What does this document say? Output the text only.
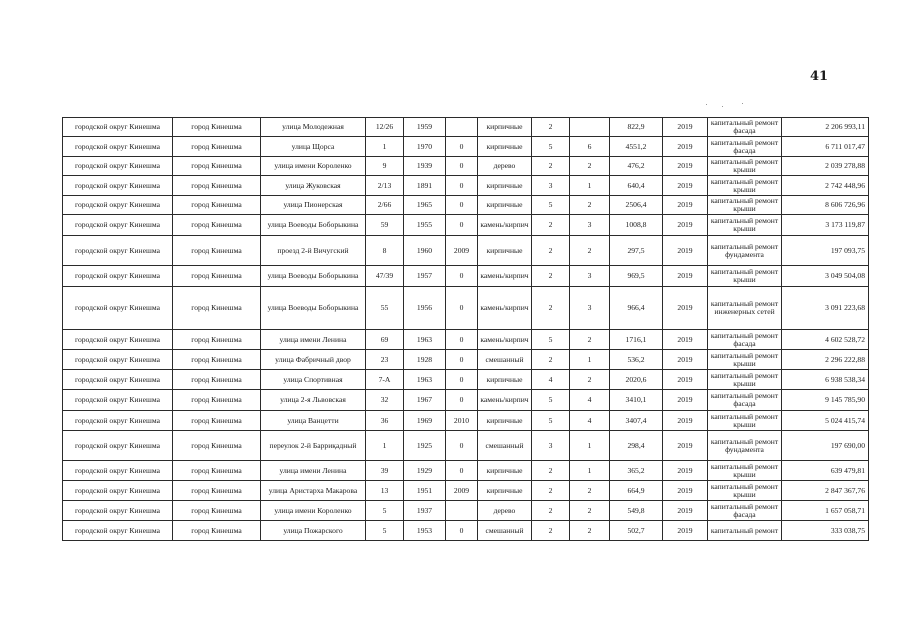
41
городской округ Кинешма	город Кинешма	улица Молодежная	12/26	1959		кирпичные	2		822,9	2019	капитальный ремонт фасада	2 206 993,11
городской округ Кинешма	город Кинешма	улица Щорса	1	1970	0	кирпичные	5	6	4551,2	2019	капитальный ремонт фасада	6 711 017,47
городской округ Кинешма	город Кинешма	улица имени Короленко	9	1939	0	дерево	2	2	476,2	2019	капитальный ремонт крыши	2 039 278,88
городской округ Кинешма	город Кинешма	улица Жуковская	2/13	1891	0	кирпичные	3	1	640,4	2019	капитальный ремонт крыши	2 742 448,96
городской округ Кинешма	город Кинешма	улица Пионерская	2/66	1965	0	кирпичные	5	2	2506,4	2019	капитальный ремонт крыши	8 606 726,96
городской округ Кинешма	город Кинешма	улица Воеводы Боборыкина	59	1955	0	камень/кирпич	2	3	1008,8	2019	капитальный ремонт крыши	3 173 119,87
городской округ Кинешма	город Кинешма	проезд 2-й Вичугский	8	1960	2009	кирпичные	2	2	297,5	2019	капитальный ремонт фундамента	197 093,75
городской округ Кинешма	город Кинешма	улица Воеводы Боборыкина	47/39	1957	0	камень/кирпич	2	3	969,5	2019	капитальный ремонт крыши	3 049 504,08
городской округ Кинешма	город Кинешма	улица Воеводы Боборыкина	55	1956	0	камень/кирпич	2	3	966,4	2019	капитальный ремонт инженерных сетей	3 091 223,68
городской округ Кинешма	город Кинешма	улица имени Ленина	69	1963	0	камень/кирпич	5	2	1716,1	2019	капитальный ремонт фасада	4 602 528,72
городской округ Кинешма	город Кинешма	улица Фабричный двор	23	1928	0	смешанный	2	1	536,2	2019	капитальный ремонт крыши	2 296 222,88
городской округ Кинешма	город Кинешма	улица Спортивная	7-А	1963	0	кирпичные	4	2	2020,6	2019	капитальный ремонт крыши	6 938 538,34
городской округ Кинешма	город Кинешма	улица 2-я Львовская	32	1967	0	камень/кирпич	5	4	3410,1	2019	капитальный ремонт фасада	9 145 785,90
городской округ Кинешма	город Кинешма	улица Ванцетти	36	1969	2010	кирпичные	5	4	3407,4	2019	капитальный ремонт крыши	5 024 415,74
городской округ Кинешма	город Кинешма	переулок 2-й Барриқадный	1	1925	0	смешанный	3	1	298,4	2019	капитальный ремонт фундамента	197 690,00
городской округ Кинешма	город Кинешма	улица имени Ленина	39	1929	0	кирпичные	2	1	365,2	2019	капитальный ремонт крыши	639 479,81
городской округ Кинешма	город Кинешма	улица Аристарха Макарова	13	1951	2009	кирпичные	2	2	664,9	2019	капитальный ремонт крыши	2 847 367,76
городской округ Кинешма	город Кинешма	улица имени Короленко	5	1937		дерево	2	2	549,8	2019	капитальный ремонт фасада	1 657 058,71
городской округ Кинешма	город Кинешма	улица Пожарского	5	1953	0	смешанный	2	2	502,7	2019	капитальный ремонт	333 038,75
